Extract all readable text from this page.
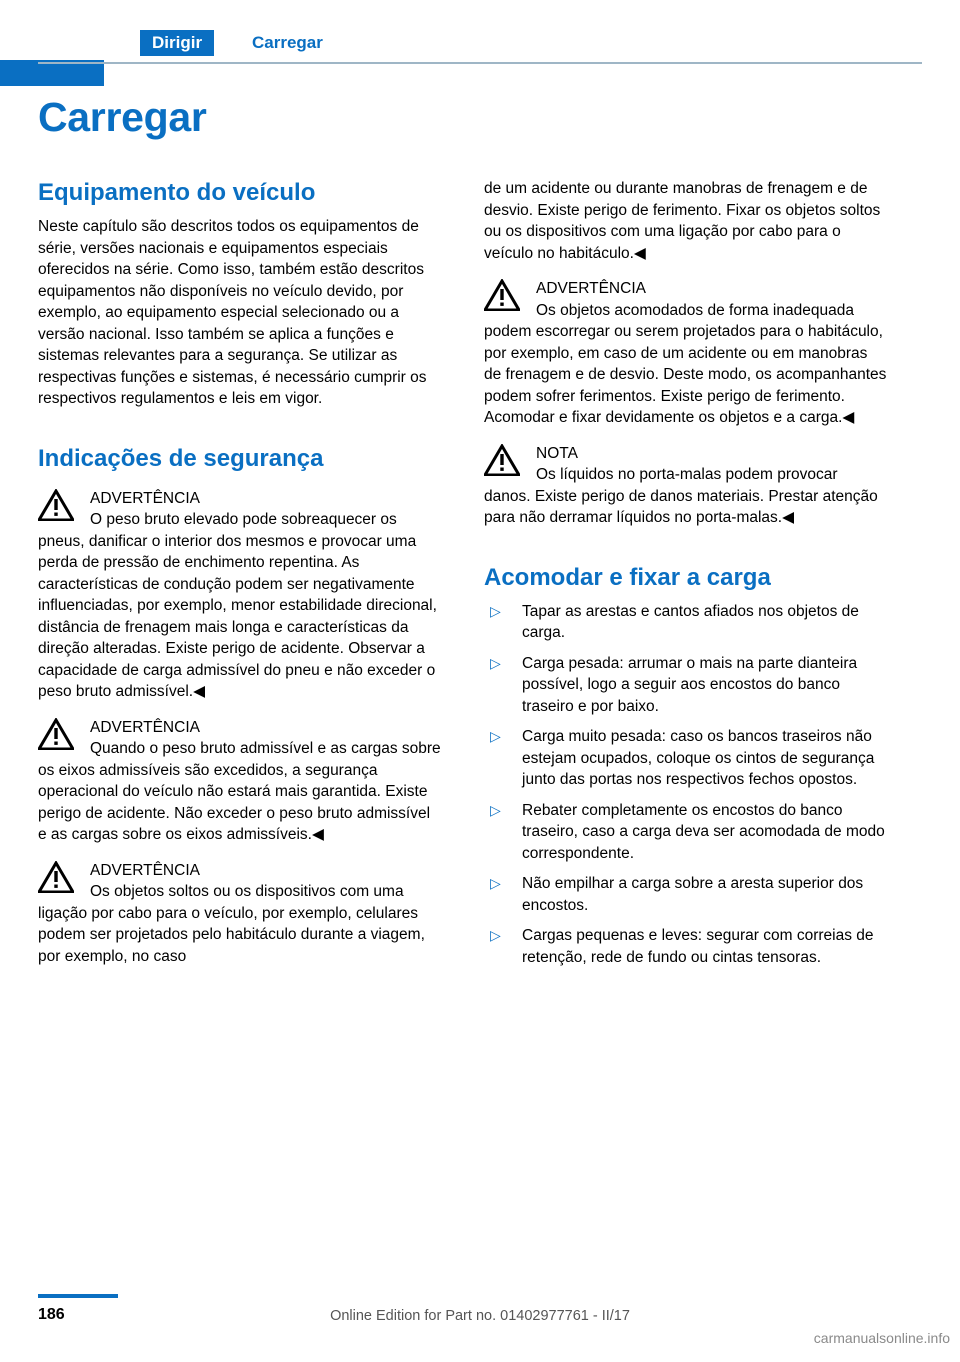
Dirigir	Carregar
Carregar
Equipamento do veículo

Neste capítulo são descritos todos os equipamentos de série, versões nacionais e equipamentos especiais oferecidos na série. Como isso, também estão descritos equipamentos não disponíveis no veículo devido, por exemplo, ao equipamento especial selecionado ou a versão nacional. Isso também se aplica a funções e sistemas relevantes para a segurança. Se utilizar as respectivas funções e sistemas, é necessário cumprir os respectivos regulamentos e leis em vigor.

Indicações de segurança
ADVERTÊNCIA
O peso bruto elevado pode sobreaquecer os pneus, danificar o interior dos mesmos e provocar uma perda de pressão de enchimento repentina. As características de condução podem ser negativamente influenciadas, por exemplo, menor estabilidade direcional, distância de frenagem mais longa e características da direção alteradas. Existe perigo de acidente. Observar a capacidade de carga admissível do pneu e não exceder o peso bruto admissível.◀
ADVERTÊNCIA
Quando o peso bruto admissível e as cargas sobre os eixos admissíveis são excedidos, a segurança operacional do veículo não estará mais garantida. Existe perigo de acidente. Não exceder o peso bruto admissível e as cargas sobre os eixos admissíveis.◀
ADVERTÊNCIA
Os objetos soltos ou os dispositivos com uma ligação por cabo para o veículo, por exemplo, celulares podem ser projetados pelo habitáculo durante a viagem, por exemplo, no caso

de um acidente ou durante manobras de frenagem e de desvio. Existe perigo de ferimento. Fixar os objetos soltos ou os dispositivos com uma ligação por cabo para o veículo no habitáculo.◀

ADVERTÊNCIA
Os objetos acomodados de forma inadequada podem escorregar ou serem projetados para o habitáculo, por exemplo, em caso de um acidente ou em manobras de frenagem e de desvio. Deste modo, os acompanhantes podem sofrer ferimentos. Existe perigo de ferimento. Acomodar e fixar devidamente os objetos e a carga.◀
NOTA
Os líquidos no porta-malas podem provocar danos. Existe perigo de danos materiais. Prestar atenção para não derramar líquidos no porta-malas.◀
Acomodar e fixar a carga
▷ Tapar as arestas e cantos afiados nos objetos de carga.
▷ Carga pesada: arrumar o mais na parte dianteira possível, logo a seguir aos encostos do banco traseiro e por baixo.
▷ Carga muito pesada: caso os bancos traseiros não estejam ocupados, coloque os cintos de segurança junto das portas nos respectivos fechos opostos.
▷ Rebater completamente os encostos do banco traseiro, caso a carga deva ser acomodada de modo correspondente.
▷ Não empilhar a carga sobre a aresta superior dos encostos.
▷ Cargas pequenas e leves: segurar com correias de retenção, rede de fundo ou cintas tensoras.
186	Online Edition for Part no. 01402977761 - II/17
carmanualsonline.info
